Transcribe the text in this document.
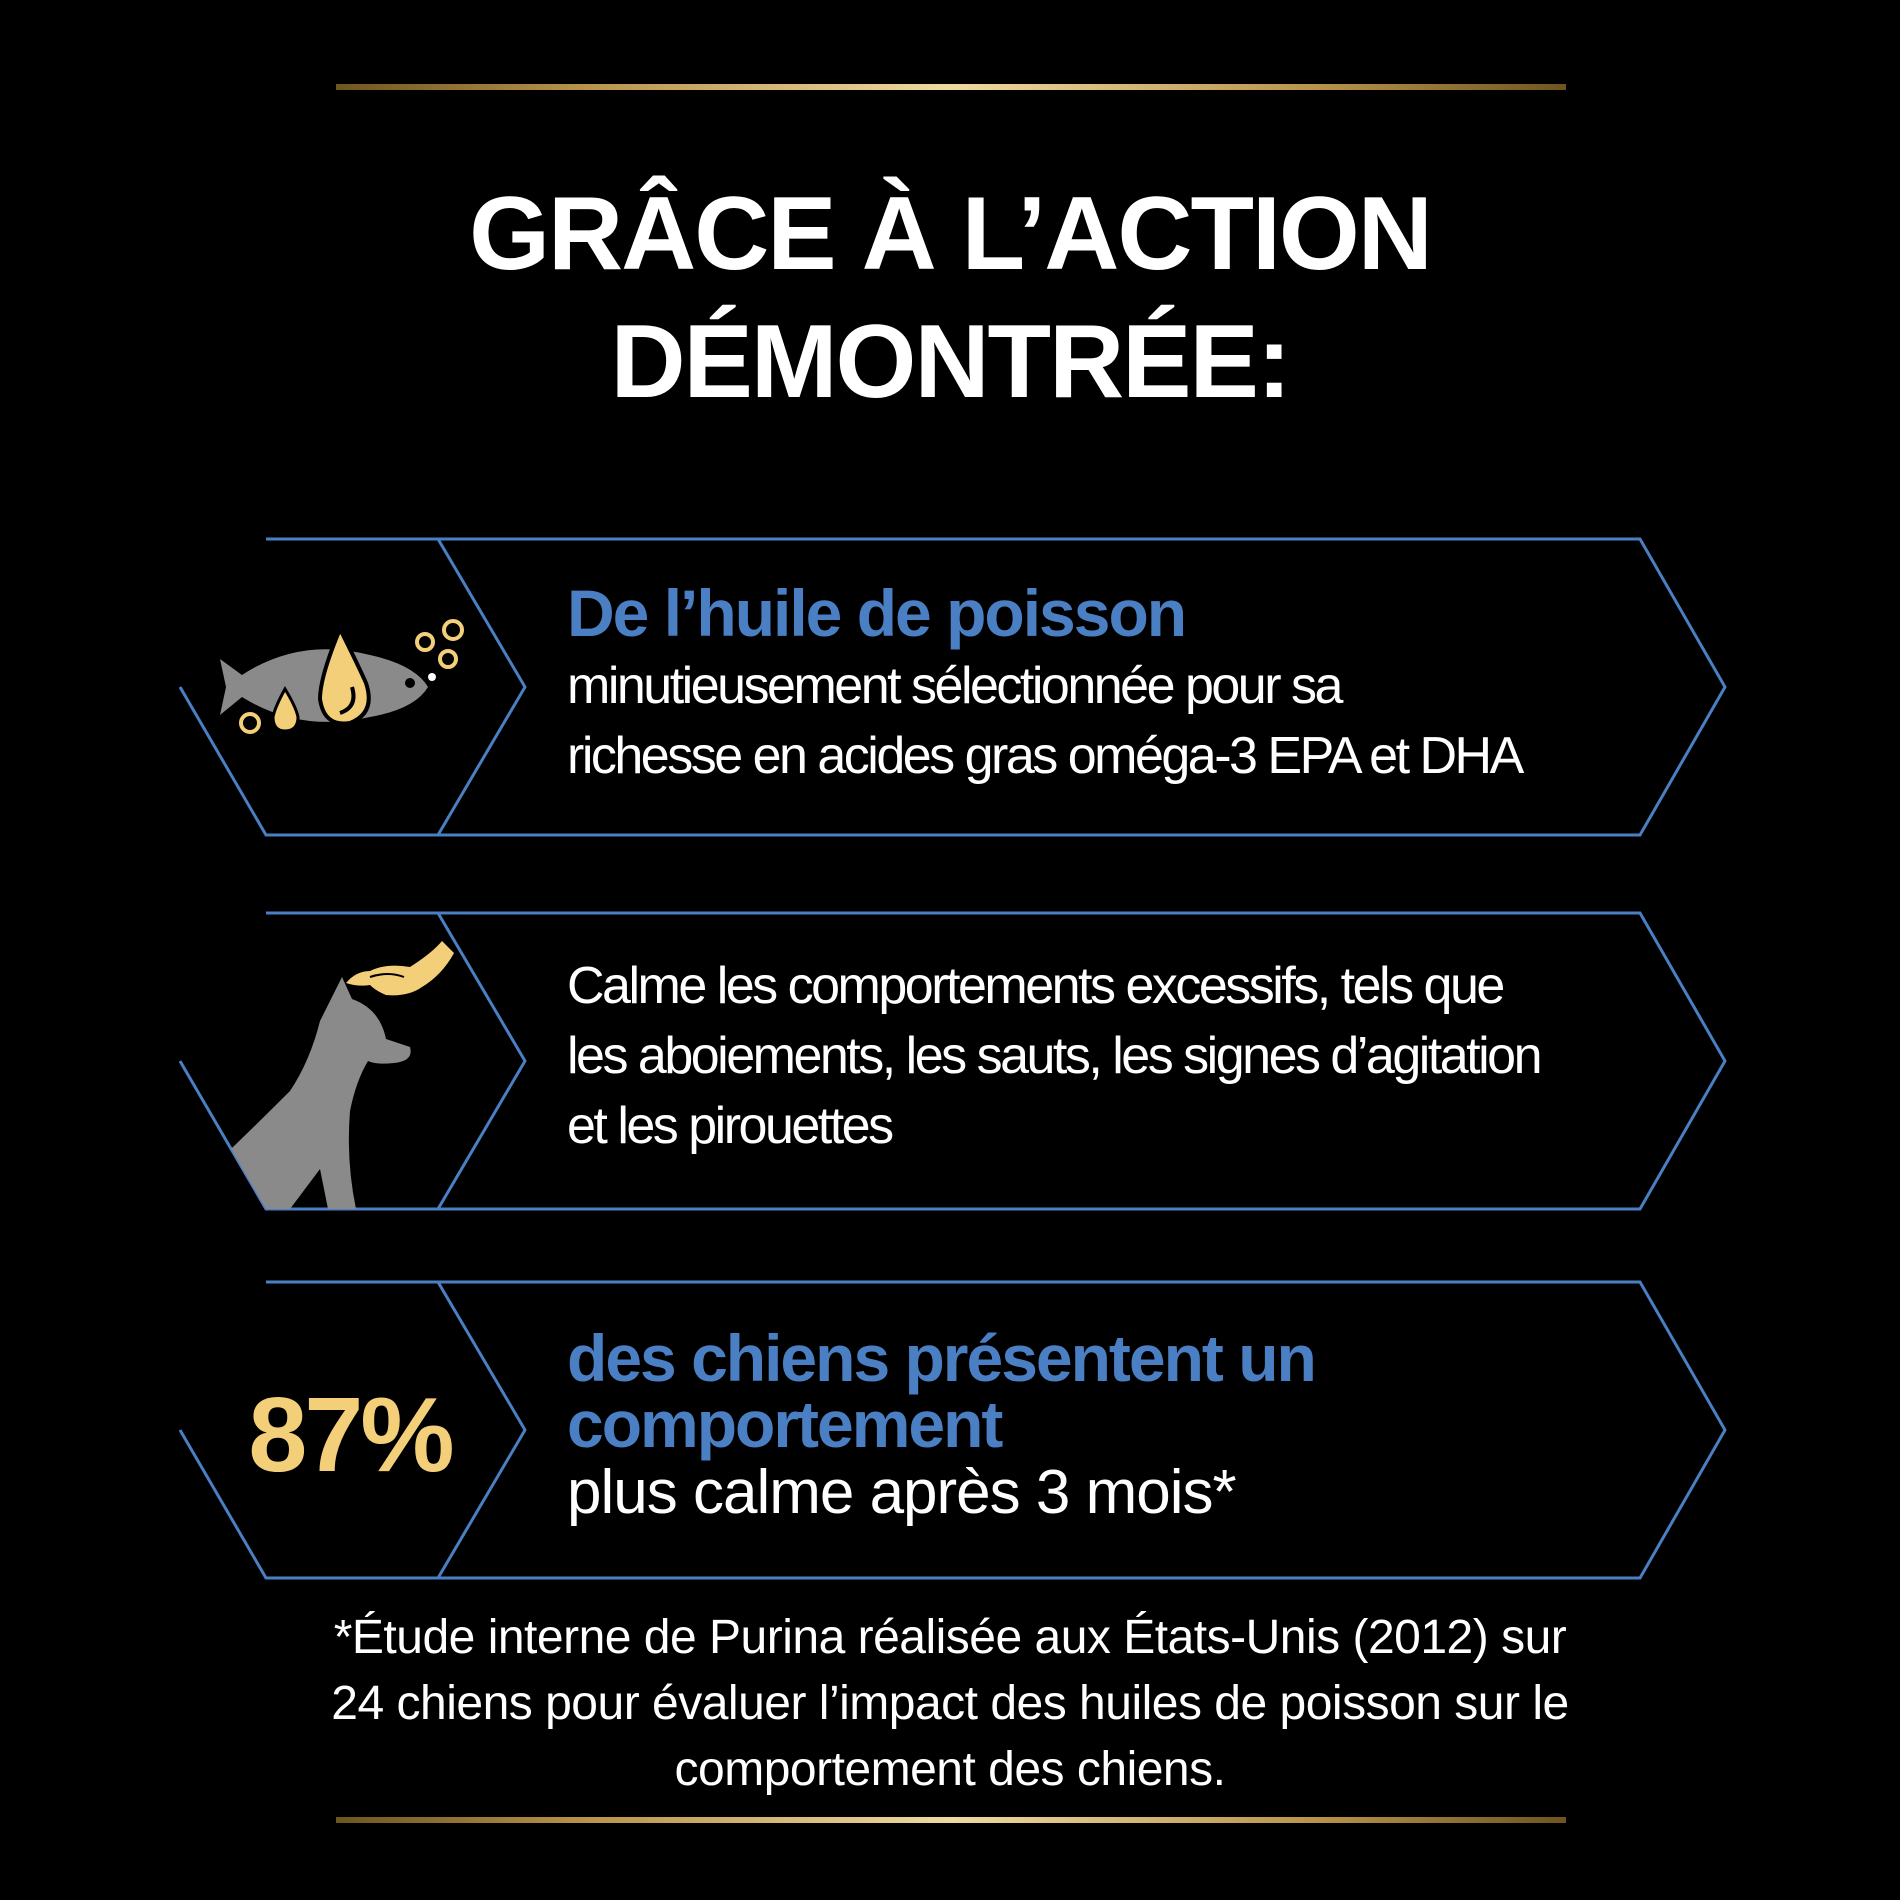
GRÂCE À L’ACTION
DÉMONTRÉE:
De l’huile de poisson
minutieusement sélectionnée pour sa
richesse en acides gras oméga-3 EPA et DHA
Calme les comportements excessifs, tels que
les aboiements, les sauts, les signes d’agitation
et les pirouettes
87%
des chiens présentent un
comportement
plus calme après 3 mois*
*Étude interne de Purina réalisée aux États-Unis (2012) sur
24 chiens pour évaluer l’impact des huiles de poisson sur le
comportement des chiens.
